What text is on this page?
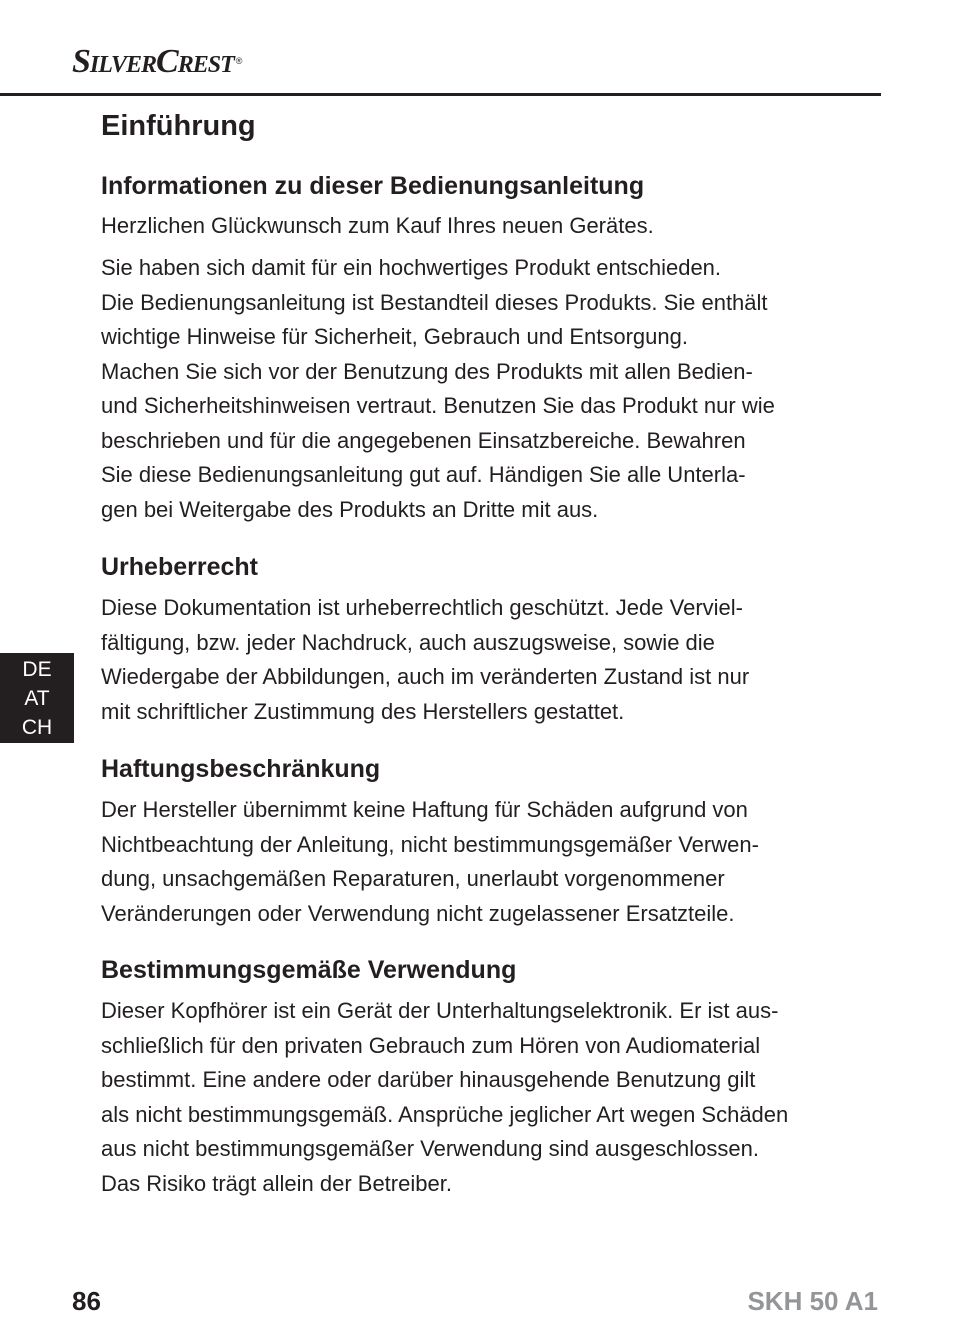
SilverCrest ®
Einführung
Informationen zu dieser Bedienungsanleitung

Herzlichen Glückwunsch zum Kauf Ihres neuen Gerätes.

Sie haben sich damit für ein hochwertiges Produkt entschieden.
Die Bedienungsanleitung ist Bestandteil dieses Produkts. Sie enthält
wichtige Hinweise für Sicherheit, Gebrauch und Entsorgung.
Machen Sie sich vor der Benutzung des Produkts mit allen Bedien-
und Sicherheitshinweisen vertraut. Benutzen Sie das Produkt nur wie
beschrieben und für die angegebenen Einsatzbereiche. Bewahren
Sie diese Bedienungsanleitung gut auf. Händigen Sie alle Unterla-
gen bei Weitergabe des Produkts an Dritte mit aus.

Urheberrecht

Diese Dokumentation ist urheberrechtlich geschützt. Jede Verviel-
fältigung, bzw. jeder Nachdruck, auch auszugsweise, sowie die
Wiedergabe der Abbildungen, auch im veränderten Zustand ist nur
mit schriftlicher Zustimmung des Herstellers gestattet.

Haftungsbeschränkung

Der Hersteller übernimmt keine Haftung für Schäden aufgrund von
Nichtbeachtung der Anleitung, nicht bestimmungsgemäßer Verwen-
dung, unsachgemäßen Reparaturen, unerlaubt vorgenommener
Veränderungen oder Verwendung nicht zugelassener Ersatzteile.

Bestimmungsgemäße Verwendung

Dieser Kopfhörer ist ein Gerät der Unterhaltungselektronik. Er ist aus-
schließlich für den privaten Gebrauch zum Hören von Audiomaterial
bestimmt. Eine andere oder darüber hinausgehende Benutzung gilt
als nicht bestimmungsgemäß. Ansprüche jeglicher Art wegen Schäden
aus nicht bestimmungsgemäßer Verwendung sind ausgeschlossen.
Das Risiko trägt allein der Betreiber.

DE
AT
CH
86	SKH 50 A1
